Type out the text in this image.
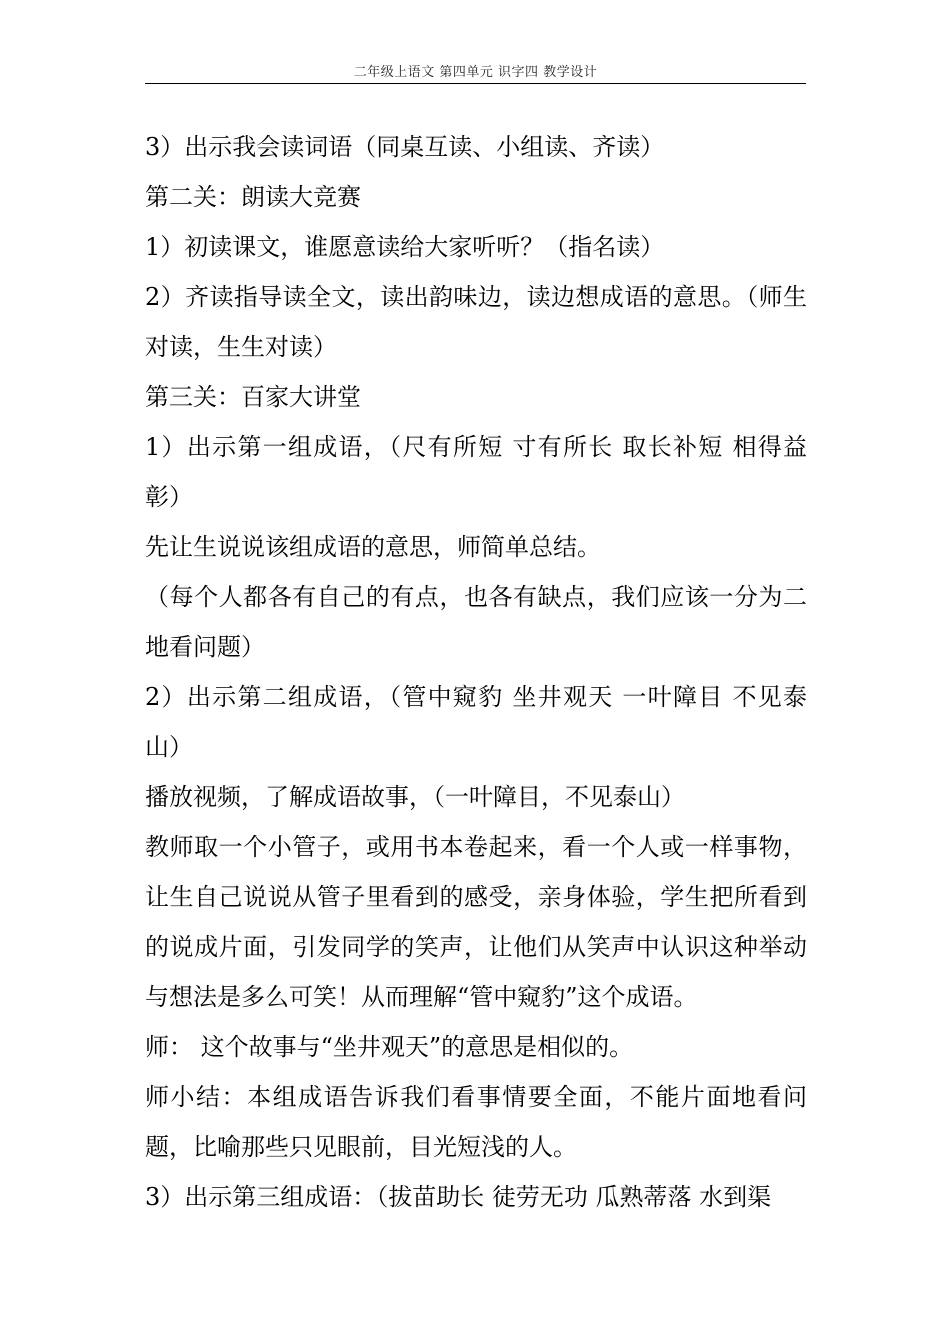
二年级上语文 第四单元 识字四 教学设计

3）出示我会读词语（同桌互读、小组读、齐读）

第二关：朗读大竞赛

1）初读课文，谁愿意读给大家听听？（指名读）

2）齐读指导读全文，读出韵味边，读边想成语的意思。（师生对读，生生对读）

第三关：百家大讲堂

1）出示第一组成语，（尺有所短 寸有所长 取长补短 相得益彰）

先让生说说该组成语的意思，师简单总结。

（每个人都各有自己的有点，也各有缺点，我们应该一分为二地看问题）

2）出示第二组成语，（管中窥豹 坐井观天 一叶障目 不见泰山）

播放视频，了解成语故事，（一叶障目，不见泰山）

教师取一个小管子，或用书本卷起来，看一个人或一样事物，让生自己说说从管子里看到的感受，亲身体验，学生把所看到的说成片面，引发同学的笑声，让他们从笑声中认识这种举动与想法是多么可笑！从而理解“管中窥豹”这个成语。

师： 这个故事与“坐井观天”的意思是相似的。

师小结：本组成语告诉我们看事情要全面，不能片面地看问题，比喻那些只见眼前，目光短浅的人。

3）出示第三组成语：（拔苗助长 徒劳无功 瓜熟蒂落 水到渠
